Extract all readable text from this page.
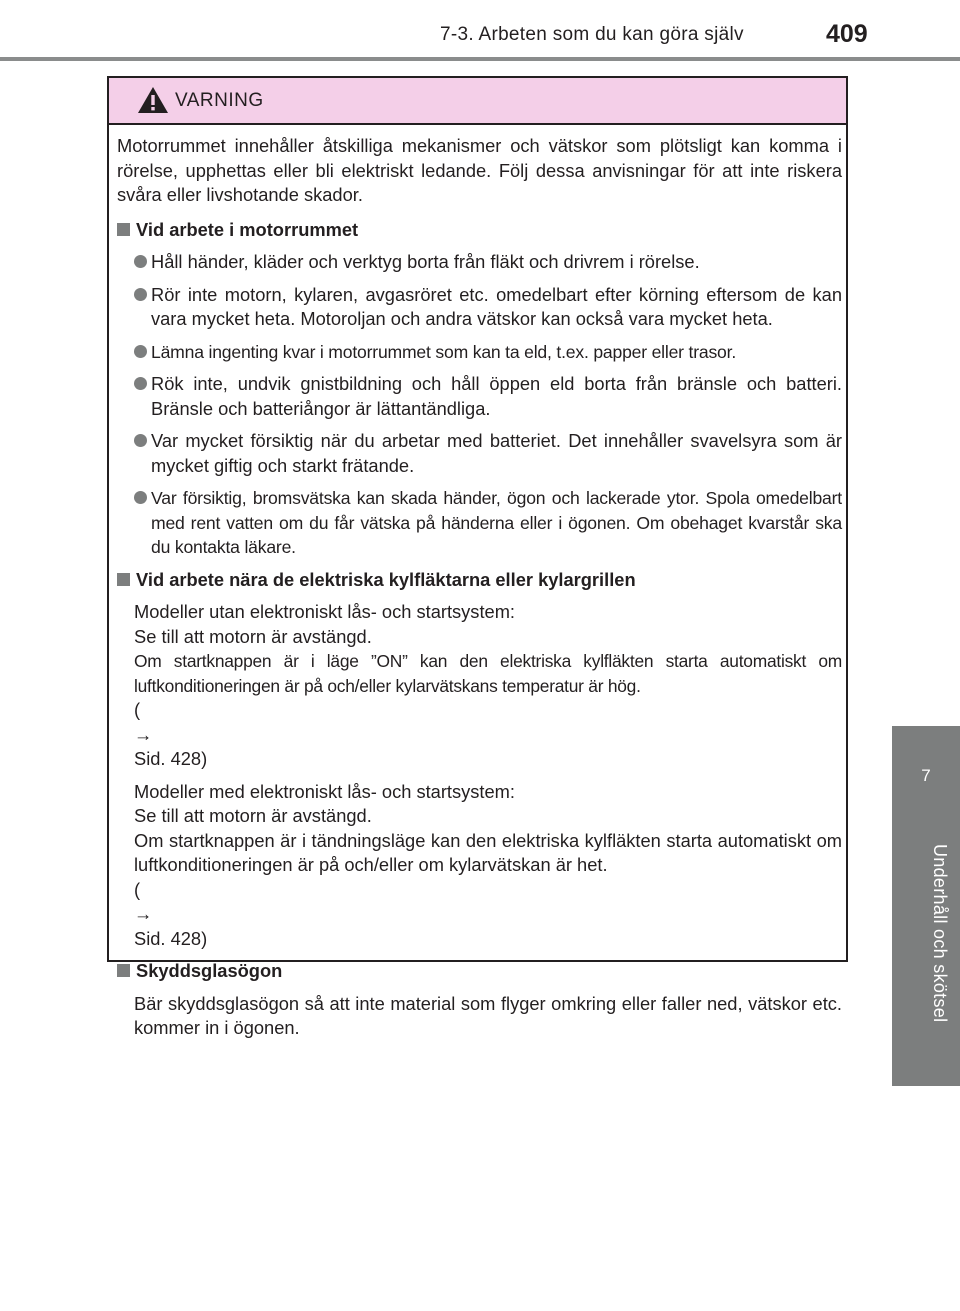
7-3. Arbeten som du kan göra själv	409
7
Underhåll och skötsel
VARNING

Motorrummet innehåller åtskilliga mekanismer och vätskor som plötsligt kan komma i rörelse, upphettas eller bli elektriskt ledande. Följ dessa anvisningar för att inte riskera svåra eller livshotande skador.

Vid arbete i motorrummet
Håll händer, kläder och verktyg borta från fläkt och drivrem i rörelse.
Rör inte motorn, kylaren, avgasröret etc. omedelbart efter körning eftersom de kan vara mycket heta. Motoroljan och andra vätskor kan också vara mycket heta.
Lämna ingenting kvar i motorrummet som kan ta eld, t.ex. papper eller trasor.
Rök inte, undvik gnistbildning och håll öppen eld borta från bränsle och batteri. Bränsle och batteriångor är lättantändliga.
Var mycket försiktig när du arbetar med batteriet. Det innehåller svavelsyra som är mycket giftig och starkt frätande.
Var försiktig, bromsvätska kan skada händer, ögon och lackerade ytor. Spola omedelbart med rent vatten om du får vätska på händerna eller i ögonen. Om obehaget kvarstår ska du kontakta läkare.
Vid arbete nära de elektriska kylfläktarna eller kylargrillen
Modeller utan elektroniskt lås- och startsystem:
Se till att motorn är avstängd.
Om startknappen är i läge ”ON” kan den elektriska kylfläkten starta automatiskt om luftkonditioneringen är på och/eller kylarvätskans temperatur är hög.
(
→
Sid. 428)
Modeller med elektroniskt lås- och startsystem:
Se till att motorn är avstängd.
Om startknappen är i tändningsläge kan den elektriska kylfläkten starta automatiskt om luftkonditioneringen är på och/eller om kylarvätskan är het.
(
→
Sid. 428)
Skyddsglasögon
Bär skyddsglasögon så att inte material som flyger omkring eller faller ned, vätskor etc. kommer in i ögonen.
